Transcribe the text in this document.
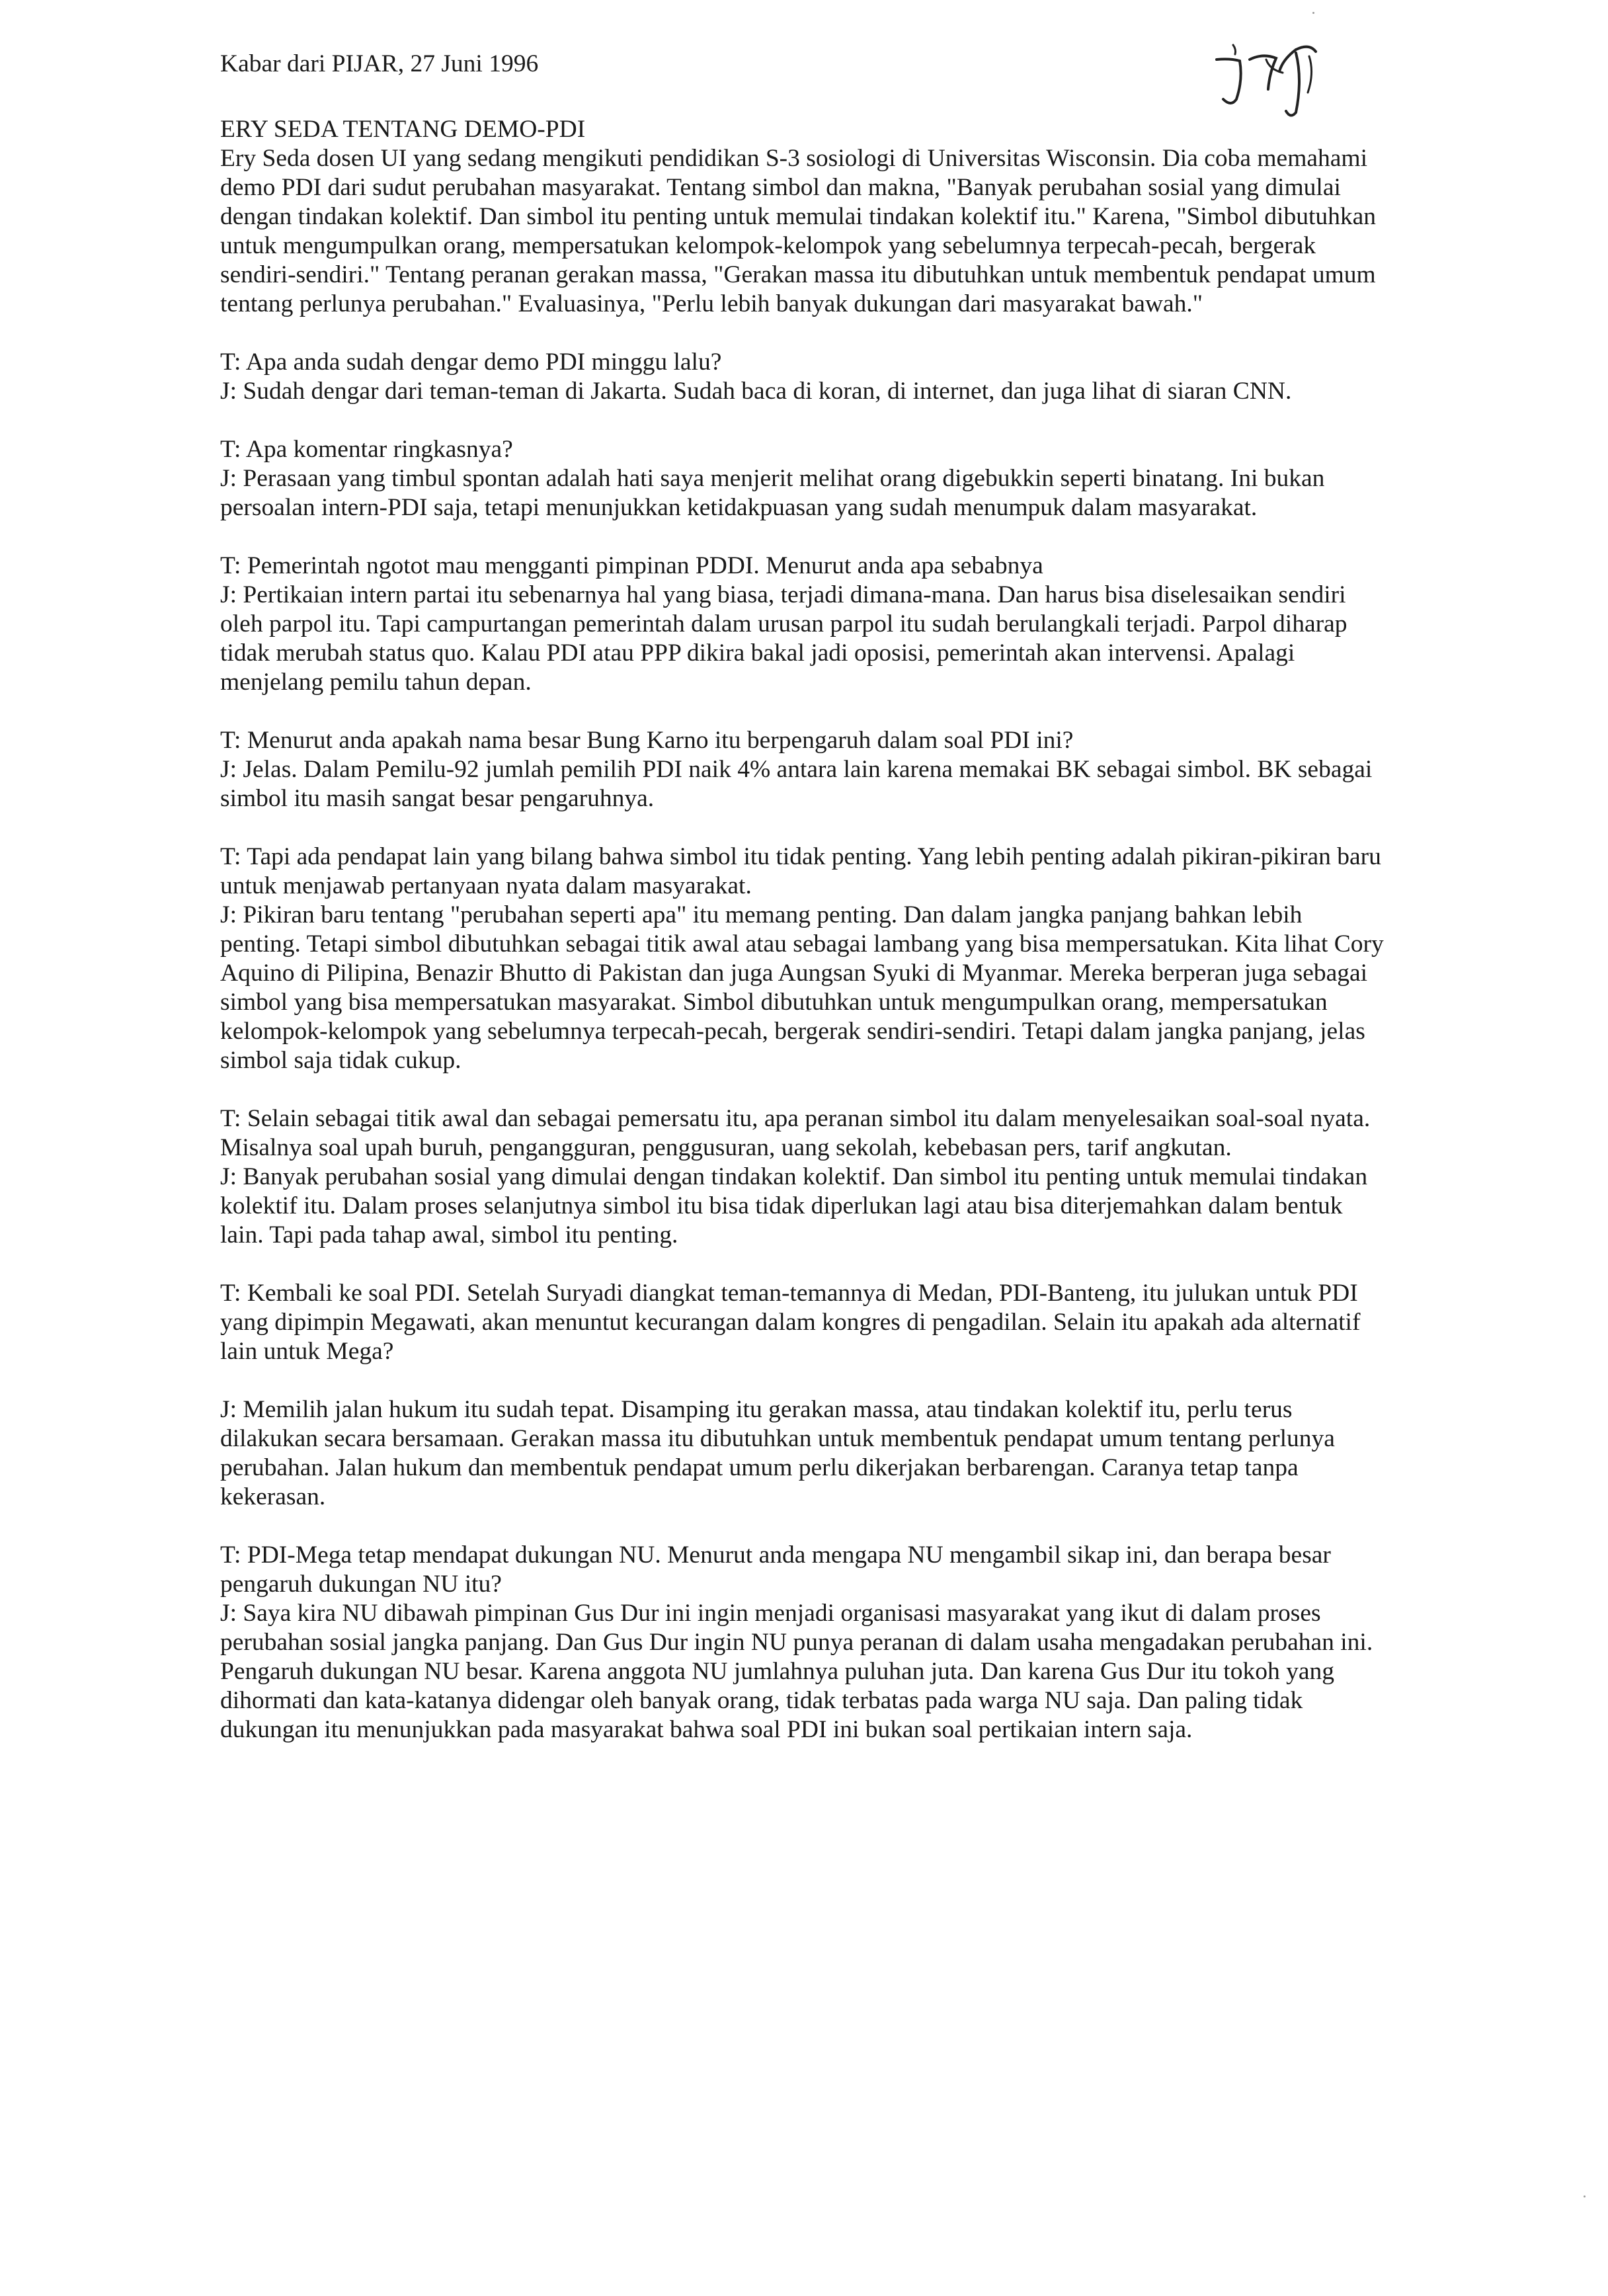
Kabar dari PIJAR, 27 Juni 1996
ERY SEDA TENTANG DEMO-PDI
Ery Seda dosen UI yang sedang mengikuti pendidikan S-3 sosiologi di Universitas Wisconsin. Dia coba memahami demo PDI dari sudut perubahan masyarakat. Tentang simbol dan makna, "Banyak perubahan sosial yang dimulai dengan tindakan kolektif. Dan simbol itu penting untuk memulai tindakan kolektif itu." Karena, "Simbol dibutuhkan untuk mengumpulkan orang, mempersatukan kelompok-kelompok yang sebelumnya terpecah-pecah, bergerak sendiri-sendiri." Tentang peranan gerakan massa, "Gerakan massa itu dibutuhkan untuk membentuk pendapat umum tentang perlunya perubahan." Evaluasinya, "Perlu lebih banyak dukungan dari masyarakat bawah."
T: Apa anda sudah dengar demo PDI minggu lalu?
J: Sudah dengar dari teman-teman di Jakarta. Sudah baca di koran, di internet, dan juga lihat di siaran CNN.
T: Apa komentar ringkasnya?
J: Perasaan yang timbul spontan adalah hati saya menjerit melihat orang digebukkin seperti binatang. Ini bukan persoalan intern-PDI saja, tetapi menunjukkan ketidakpuasan yang sudah menumpuk dalam masyarakat.
T: Pemerintah ngotot mau mengganti pimpinan PDDI. Menurut anda apa sebabnya
J: Pertikaian intern partai itu sebenarnya hal yang biasa, terjadi dimana-mana. Dan harus bisa diselesaikan sendiri oleh parpol itu. Tapi campurtangan pemerintah dalam urusan parpol itu sudah berulangkali terjadi. Parpol diharap tidak merubah status quo. Kalau PDI atau PPP dikira bakal jadi oposisi, pemerintah akan intervensi. Apalagi menjelang pemilu tahun depan.
T: Menurut anda apakah nama besar Bung Karno itu berpengaruh dalam soal PDI ini?
J: Jelas. Dalam Pemilu-92 jumlah pemilih PDI naik 4% antara lain karena memakai BK sebagai simbol. BK sebagai simbol itu masih sangat besar pengaruhnya.
T: Tapi ada pendapat lain yang bilang bahwa simbol itu tidak penting. Yang lebih penting adalah pikiran-pikiran baru untuk menjawab pertanyaan nyata dalam masyarakat.
J: Pikiran baru tentang "perubahan seperti apa" itu memang penting. Dan dalam jangka panjang bahkan lebih penting. Tetapi simbol dibutuhkan sebagai titik awal atau sebagai lambang yang bisa mempersatukan. Kita lihat Cory Aquino di Pilipina, Benazir Bhutto di Pakistan dan juga Aungsan Syuki di Myanmar. Mereka berperan juga sebagai simbol yang bisa mempersatukan masyarakat. Simbol dibutuhkan untuk mengumpulkan orang, mempersatukan kelompok-kelompok yang sebelumnya terpecah-pecah, bergerak sendiri-sendiri. Tetapi dalam jangka panjang, jelas simbol saja tidak cukup.
T: Selain sebagai titik awal dan sebagai pemersatu itu, apa peranan simbol itu dalam menyelesaikan soal-soal nyata. Misalnya soal upah buruh, pengangguran, penggusuran, uang sekolah, kebebasan pers, tarif angkutan.
J: Banyak perubahan sosial yang dimulai dengan tindakan kolektif. Dan simbol itu penting untuk memulai tindakan kolektif itu. Dalam proses selanjutnya simbol itu bisa tidak diperlukan lagi atau bisa diterjemahkan dalam bentuk lain. Tapi pada tahap awal, simbol itu penting.
T: Kembali ke soal PDI. Setelah Suryadi diangkat teman-temannya di Medan, PDI-Banteng, itu julukan untuk PDI yang dipimpin Megawati, akan menuntut kecurangan dalam kongres di pengadilan. Selain itu apakah ada alternatif lain untuk Mega?
J: Memilih jalan hukum itu sudah tepat. Disamping itu gerakan massa, atau tindakan kolektif itu, perlu terus dilakukan secara bersamaan. Gerakan massa itu dibutuhkan untuk membentuk pendapat umum tentang perlunya perubahan. Jalan hukum dan membentuk pendapat umum perlu dikerjakan berbarengan. Caranya tetap tanpa kekerasan.
T: PDI-Mega tetap mendapat dukungan NU. Menurut anda mengapa NU mengambil sikap ini, dan berapa besar pengaruh dukungan NU itu?
J: Saya kira NU dibawah pimpinan Gus Dur ini ingin menjadi organisasi masyarakat yang ikut di dalam proses perubahan sosial jangka panjang. Dan Gus Dur ingin NU punya peranan di dalam usaha mengadakan perubahan ini. Pengaruh dukungan NU besar. Karena anggota NU jumlahnya puluhan juta. Dan karena Gus Dur itu tokoh yang dihormati dan kata-katanya didengar oleh banyak orang, tidak terbatas pada warga NU saja. Dan paling tidak dukungan itu menunjukkan pada masyarakat bahwa soal PDI ini bukan soal pertikaian intern saja.
